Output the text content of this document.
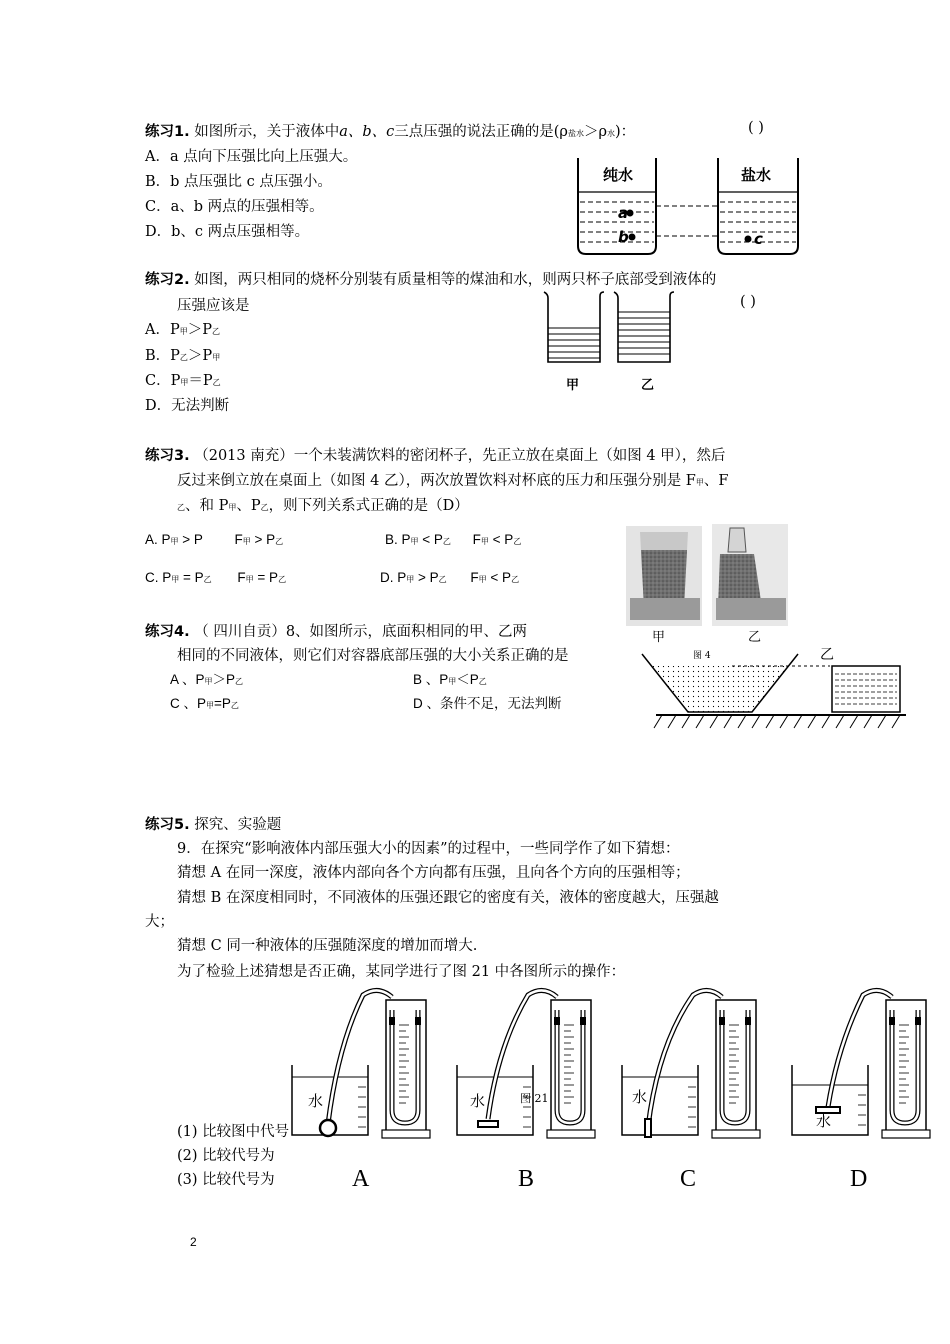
练习1. 如图所示，关于液体中a、b、c三点压强的说法正确的是(ρ盐水＞ρ水)：	( )
A．a 点向下压强比向上压强大。
B．b 点压强比 c 点压强小。
C．a、b 两点的压强相等。
D．b、c 两点压强相等。
纯水	盐水
a
b	c
练习2. 如图，两只相同的烧杯分别装有质量相等的煤油和水，则两只杯子底部受到液体的
压强应该是	( )
A．P甲＞P乙
B．P乙＞P甲
C．P甲＝P乙
D．无法判断
甲	乙
练习3. （2013 南充）一个未装满饮料的密闭杯子，先正立放在桌面上（如图 4 甲），然后
反过来倒立放在桌面上（如图 4 乙），两次放置饮料对杯底的压力和压强分别是 F甲、F
乙、和 P甲、P乙，则下列关系式正确的是（D）
A. P甲 > P F甲 > P乙	B. P甲 < P乙 F甲 < P乙
C. P甲 = P乙 F甲 = P乙	D. P甲 > P乙 F甲 < P乙
甲	乙
图 4
练习4. （ 四川自贡）8、如图所示，底面积相同的甲、乙两
相同的不同液体，则它们对容器底部压强的大小关系正确的是
A 、P甲＞P乙	B 、P甲＜P乙
C 、P甲=P乙	D 、条件不足，无法判断
乙
练习5. 探究、实验题
9．在探究“影响液体内部压强大小的因素”的过程中，一些同学作了如下猜想：
猜想 A 在同一深度，液体内部向各个方向都有压强，且向各个方向的压强相等；
猜想 B 在深度相同时，不同液体的压强还跟它的密度有关，液体的密度越大，压强越
大；
猜想 C 同一种液体的压强随深度的增加而增大.
为了检验上述猜想是否正确，某同学进行了图 21 中各图所示的操作：
(1) 比较图中代号
(2) 比较代号为
(3) 比较代号为
图 21
水	水	水
水
A	B	C	D
2
